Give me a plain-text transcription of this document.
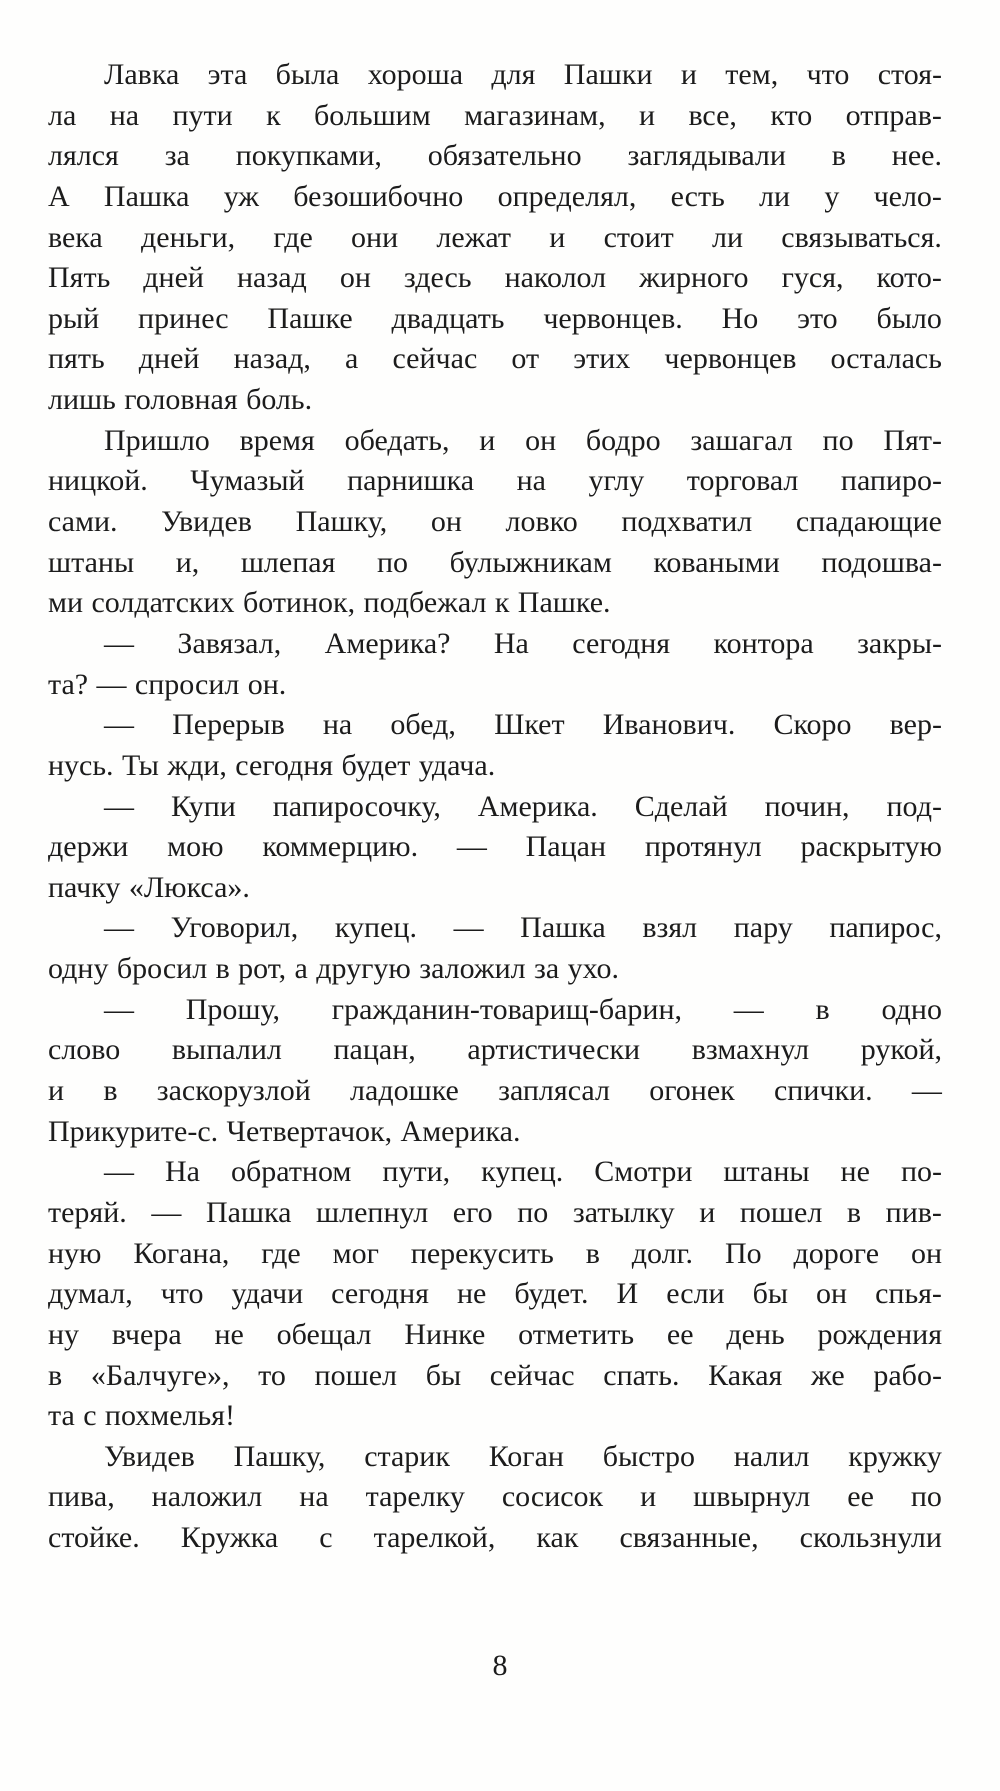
Лавка эта была хороша для Пашки и тем, что стоя-
ла на пути к большим магазинам, и все, кто отправ-
лялся за покупками, обязательно заглядывали в нее.
А Пашка уж безошибочно определял, есть ли у чело-
века деньги, где они лежат и стоит ли связываться.
Пять дней назад он здесь наколол жирного гуся, кото-
рый принес Пашке двадцать червонцев. Но это было
пять дней назад, а сейчас от этих червонцев осталась
лишь головная боль.
Пришло время обедать, и он бодро зашагал по Пят-
ницкой. Чумазый парнишка на углу торговал папиро-
сами. Увидев Пашку, он ловко подхватил спадающие
штаны и, шлепая по булыжникам коваными подошва-
ми солдатских ботинок, подбежал к Пашке.
— Завязал, Америка? На сегодня контора закры-
та? — спросил он.
— Перерыв на обед, Шкет Иванович. Скоро вер-
нусь. Ты жди, сегодня будет удача.
— Купи папиросочку, Америка. Сделай почин, под-
держи мою коммерцию. — Пацан протянул раскрытую
пачку «Люкса».
— Уговорил, купец. — Пашка взял пару папирос,
одну бросил в рот, а другую заложил за ухо.
— Прошу, гражданин-товарищ-барин, — в одно
слово выпалил пацан, артистически взмахнул рукой,
и в заскорузлой ладошке заплясал огонек спички. —
Прикурите-с. Четвертачок, Америка.
— На обратном пути, купец. Смотри штаны не по-
теряй. — Пашка шлепнул его по затылку и пошел в пив-
ную Когана, где мог перекусить в долг. По дороге он
думал, что удачи сегодня не будет. И если бы он спья-
ну вчера не обещал Нинке отметить ее день рождения
в «Балчуге», то пошел бы сейчас спать. Какая же рабо-
та с похмелья!
Увидев Пашку, старик Коган быстро налил кружку
пива, наложил на тарелку сосисок и швырнул ее по
стойке. Кружка с тарелкой, как связанные, скользнули
8
